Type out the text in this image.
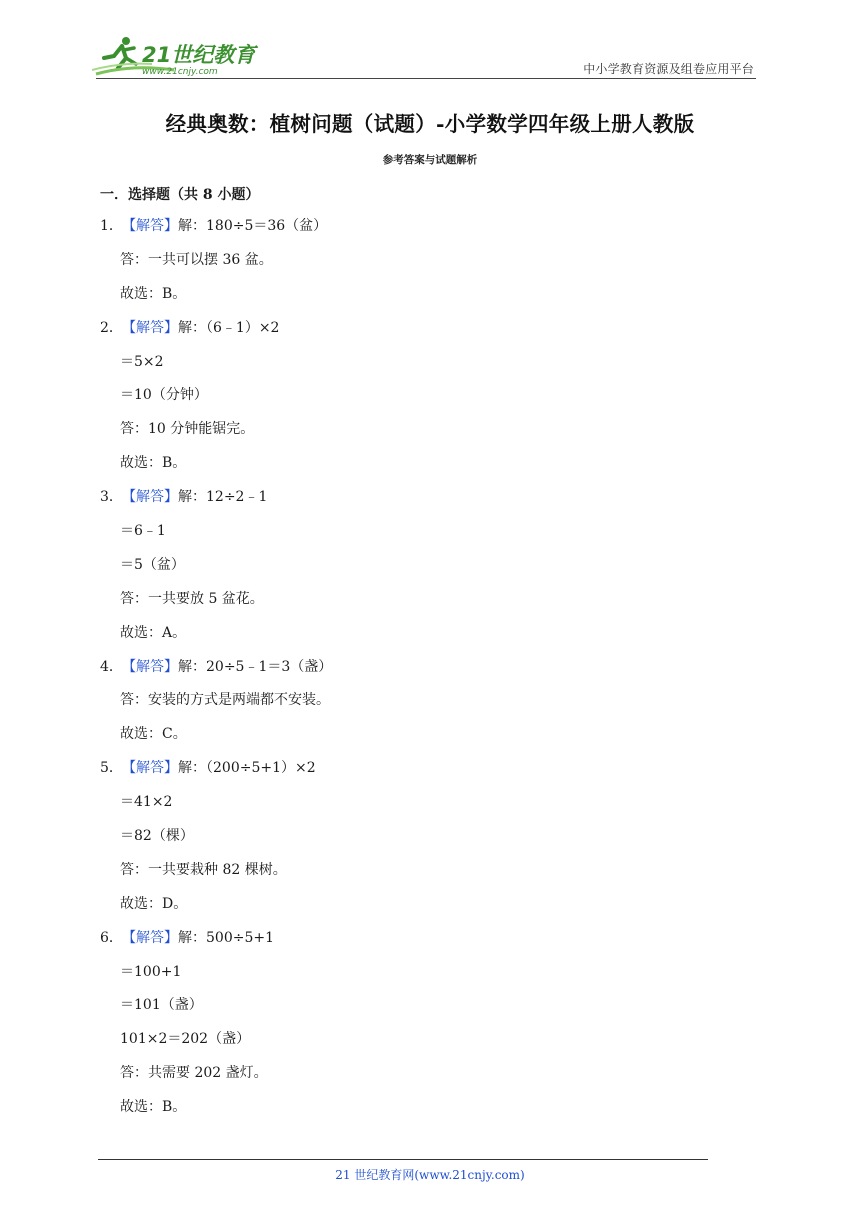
21世纪教育
www.21cnjy.com	中小学教育资源及组卷应用平台
经典奥数：植树问题（试题）-小学数学四年级上册人教版
参考答案与试题解析
一．选择题（共 8 小题）
1．【解答】解：180÷5＝36（盆）
答：一共可以摆 36 盆。
故选：B。
2．【解答】解：（6﹣1）×2
＝5×2
＝10（分钟）
答：10 分钟能锯完。
故选：B。
3．【解答】解：12÷2﹣1
＝6﹣1
＝5（盆）
答：一共要放 5 盆花。
故选：A。
4．【解答】解：20÷5﹣1＝3（盏）
答：安装的方式是两端都不安装。
故选：C。
5．【解答】解：（200÷5+1）×2
＝41×2
＝82（棵）
答：一共要栽种 82 棵树。
故选：D。
6．【解答】解：500÷5+1
＝100+1
＝101（盏）
101×2＝202（盏）
答：共需要 202 盏灯。
故选：B。
21 世纪教育网(www.21cnjy.com)
